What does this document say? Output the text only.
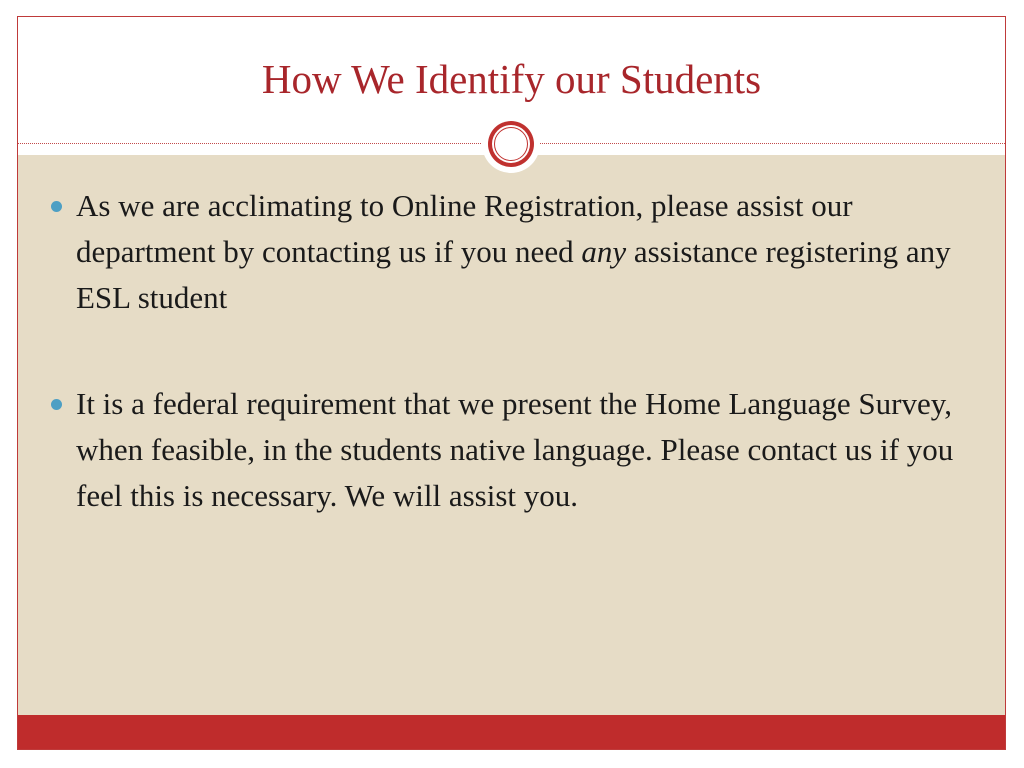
How We Identify our Students
As we are acclimating to Online Registration, please assist our department by contacting us if you need any assistance registering any ESL student
It is a federal requirement that we present the Home Language Survey, when feasible, in the students native language. Please contact us if you feel this is necessary. We will assist you.
